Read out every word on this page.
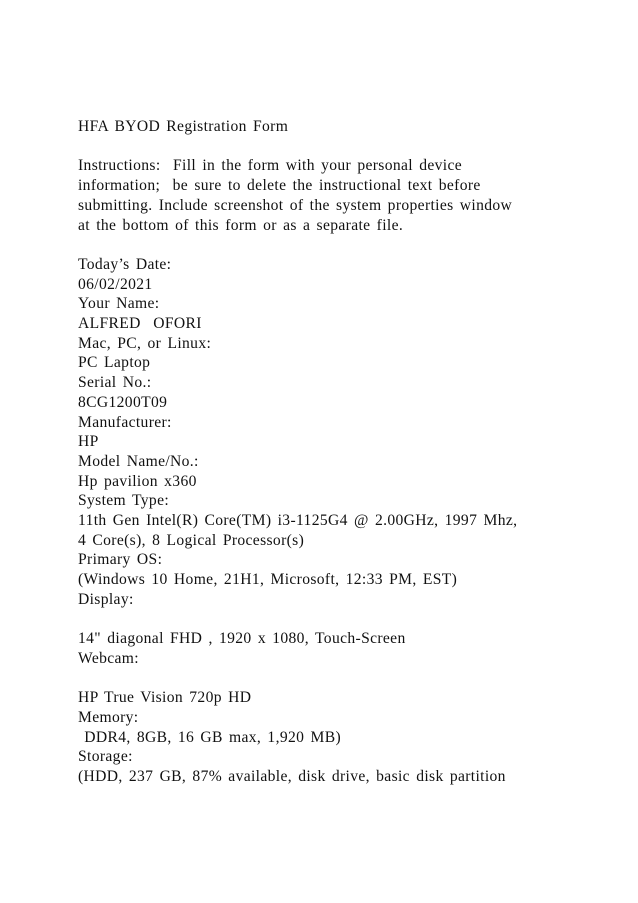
HFA BYOD Registration Form
Instructions:  Fill in the form with your personal device
information;  be sure to delete the instructional text before
submitting. Include screenshot of the system properties window
at the bottom of this form or as a separate file.
Today’s Date:
06/02/2021
Your Name:
ALFRED  OFORI
Mac, PC, or Linux:
PC Laptop
Serial No.:
8CG1200T09
Manufacturer:
HP
Model Name/No.:
Hp pavilion x360
System Type:
11th Gen Intel(R) Core(TM) i3-1125G4 @ 2.00GHz, 1997 Mhz,
4 Core(s), 8 Logical Processor(s)
Primary OS:
(Windows 10 Home, 21H1, Microsoft, 12:33 PM, EST)
Display:
14" diagonal FHD , 1920 x 1080, Touch-Screen
Webcam:
HP True Vision 720p HD
Memory:
DDR4, 8GB, 16 GB max, 1,920 MB)
Storage:
(HDD, 237 GB, 87% available, disk drive, basic disk partition
